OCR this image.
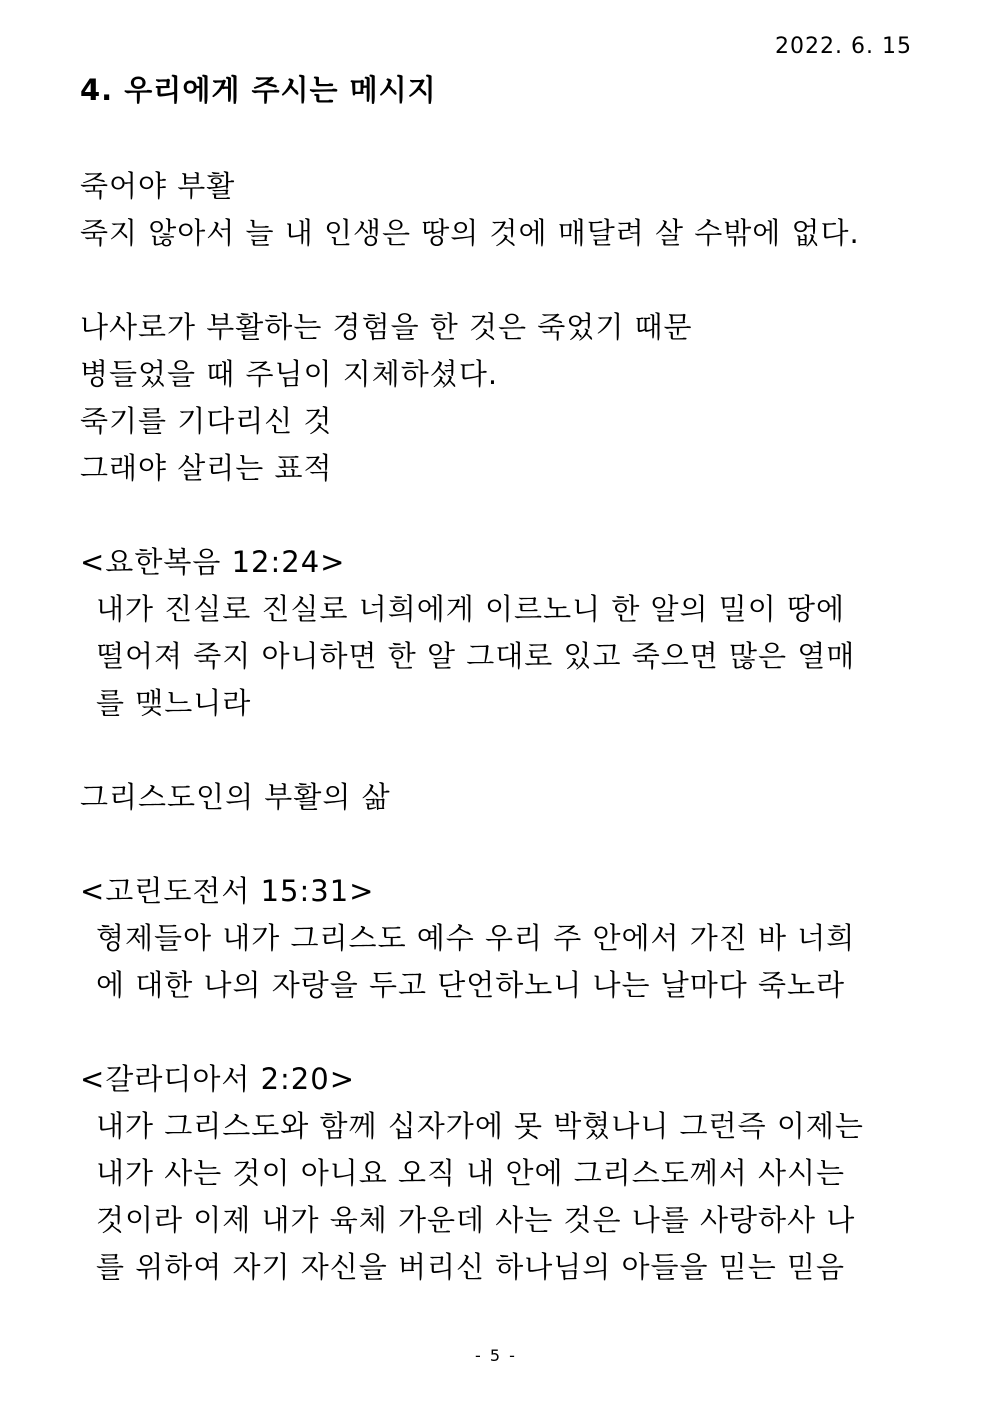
2022. 6. 15
4. 우리에게 주시는 메시지
죽어야 부활
죽지 않아서 늘 내 인생은 땅의 것에 매달려 살 수밖에 없다.
나사로가 부활하는 경험을 한 것은 죽었기 때문
병들었을 때 주님이 지체하셨다.
죽기를 기다리신 것
그래야 살리는 표적
<요한복음 12:24>
내가 진실로 진실로 너희에게 이르노니 한 알의 밀이 땅에
떨어져 죽지 아니하면 한 알 그대로 있고 죽으면 많은 열매
를 맺느니라
그리스도인의 부활의 삶
<고린도전서 15:31>
형제들아 내가 그리스도 예수 우리 주 안에서 가진 바 너희
에 대한 나의 자랑을 두고 단언하노니 나는 날마다 죽노라
<갈라디아서 2:20>
내가 그리스도와 함께 십자가에 못 박혔나니 그런즉 이제는
내가 사는 것이 아니요 오직 내 안에 그리스도께서 사시는
것이라 이제 내가 육체 가운데 사는 것은 나를 사랑하사 나
를 위하여 자기 자신을 버리신 하나님의 아들을 믿는 믿음
- 5 -
